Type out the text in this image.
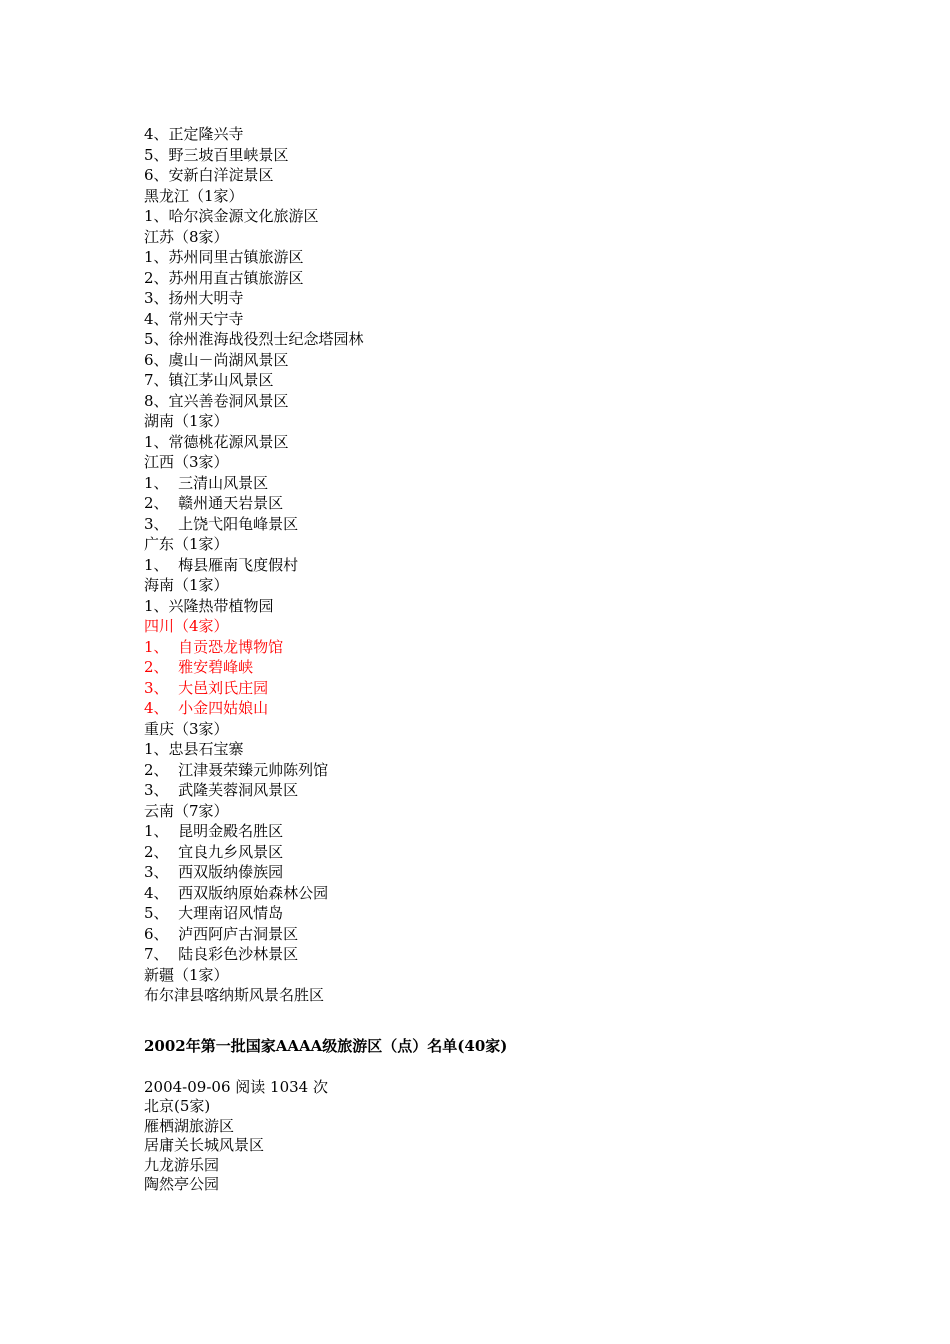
4、正定隆兴寺
5、野三坡百里峡景区
6、安新白洋淀景区
黑龙江（1家）
1、哈尔滨金源文化旅游区
江苏（8家）
1、苏州同里古镇旅游区
2、苏州用直古镇旅游区
3、扬州大明寺
4、常州天宁寺
5、徐州淮海战役烈士纪念塔园林
6、虞山－尚湖风景区
7、镇江茅山风景区
8、宜兴善卷洞风景区
湖南（1家）
1、常德桃花源风景区
江西（3家）
1、  三清山风景区
2、  赣州通天岩景区
3、  上饶弋阳龟峰景区
广东（1家）
1、  梅县雁南飞度假村
海南（1家）
1、兴隆热带植物园
四川（4家）
1、  自贡恐龙博物馆
2、  雅安碧峰峡
3、  大邑刘氏庄园
4、  小金四姑娘山
重庆（3家）
1、忠县石宝寨
2、  江津聂荣臻元帅陈列馆
3、  武隆芙蓉洞风景区
云南（7家）
1、  昆明金殿名胜区
2、  宜良九乡风景区
3、  西双版纳傣族园
4、  西双版纳原始森林公园
5、  大理南诏风情岛
6、  泸西阿庐古洞景区
7、  陆良彩色沙林景区
新疆（1家）
布尔津县喀纳斯风景名胜区
2002年第一批国家AAAA级旅游区（点）名单(40家)
2004-09-06 阅读 1034 次
北京(5家)
雁栖湖旅游区
居庸关长城风景区
九龙游乐园
陶然亭公园
